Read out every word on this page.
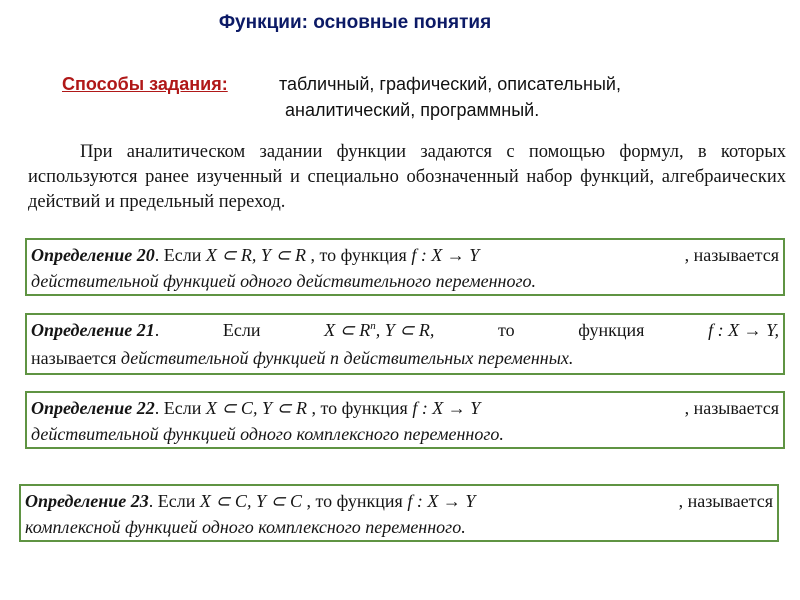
Функции: основные понятия
Способы задания:	табличный, графический, описательный,
аналитический, программный.
При аналитическом задании функции задаются с помощью формул, в которых используются ранее изученный и специально обозначенный набор функций, алгебраических действий и предельный переход.
Определение 20. Если X ⊂ R, Y ⊂ R , то функция f : X → Y	, называется
действительной функцией одного действительного переменного.
Определение 21.	Если	X ⊂ $R^n$, Y ⊂ R,	то	функция	f : X → Y,
называется действительной функцией n действительных переменных.
Определение 22. Если X ⊂ C, Y ⊂ R , то функция f : X → Y	, называется
действительной функцией одного комплексного переменного.
Определение 23. Если X ⊂ C, Y ⊂ C , то функция f : X → Y	, называется
комплексной функцией одного комплексного переменного.
